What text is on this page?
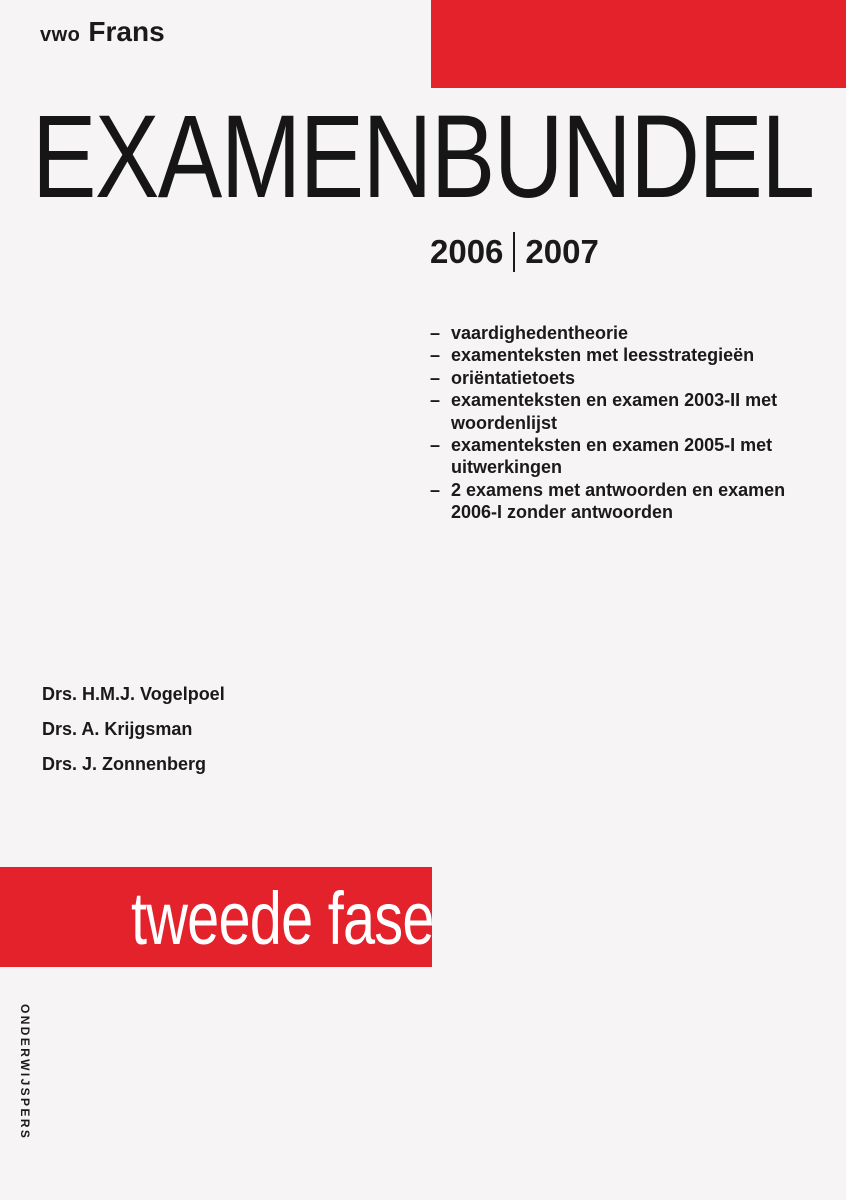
vwo Frans
EXAMENBUNDEL
2006 2007
– vaardighedentheorie
– examenteksten met leesstrategieën
– oriëntatietoets
– examenteksten en examen 2003-II met woordenlijst
– examenteksten en examen 2005-I met uitwerkingen
– 2 examens met antwoorden en examen 2006-I zonder antwoorden
Drs. H.M.J. Vogelpoel
Drs. A. Krijgsman
Drs. J. Zonnenberg
tweede fase
ONDERWIJSPERS
